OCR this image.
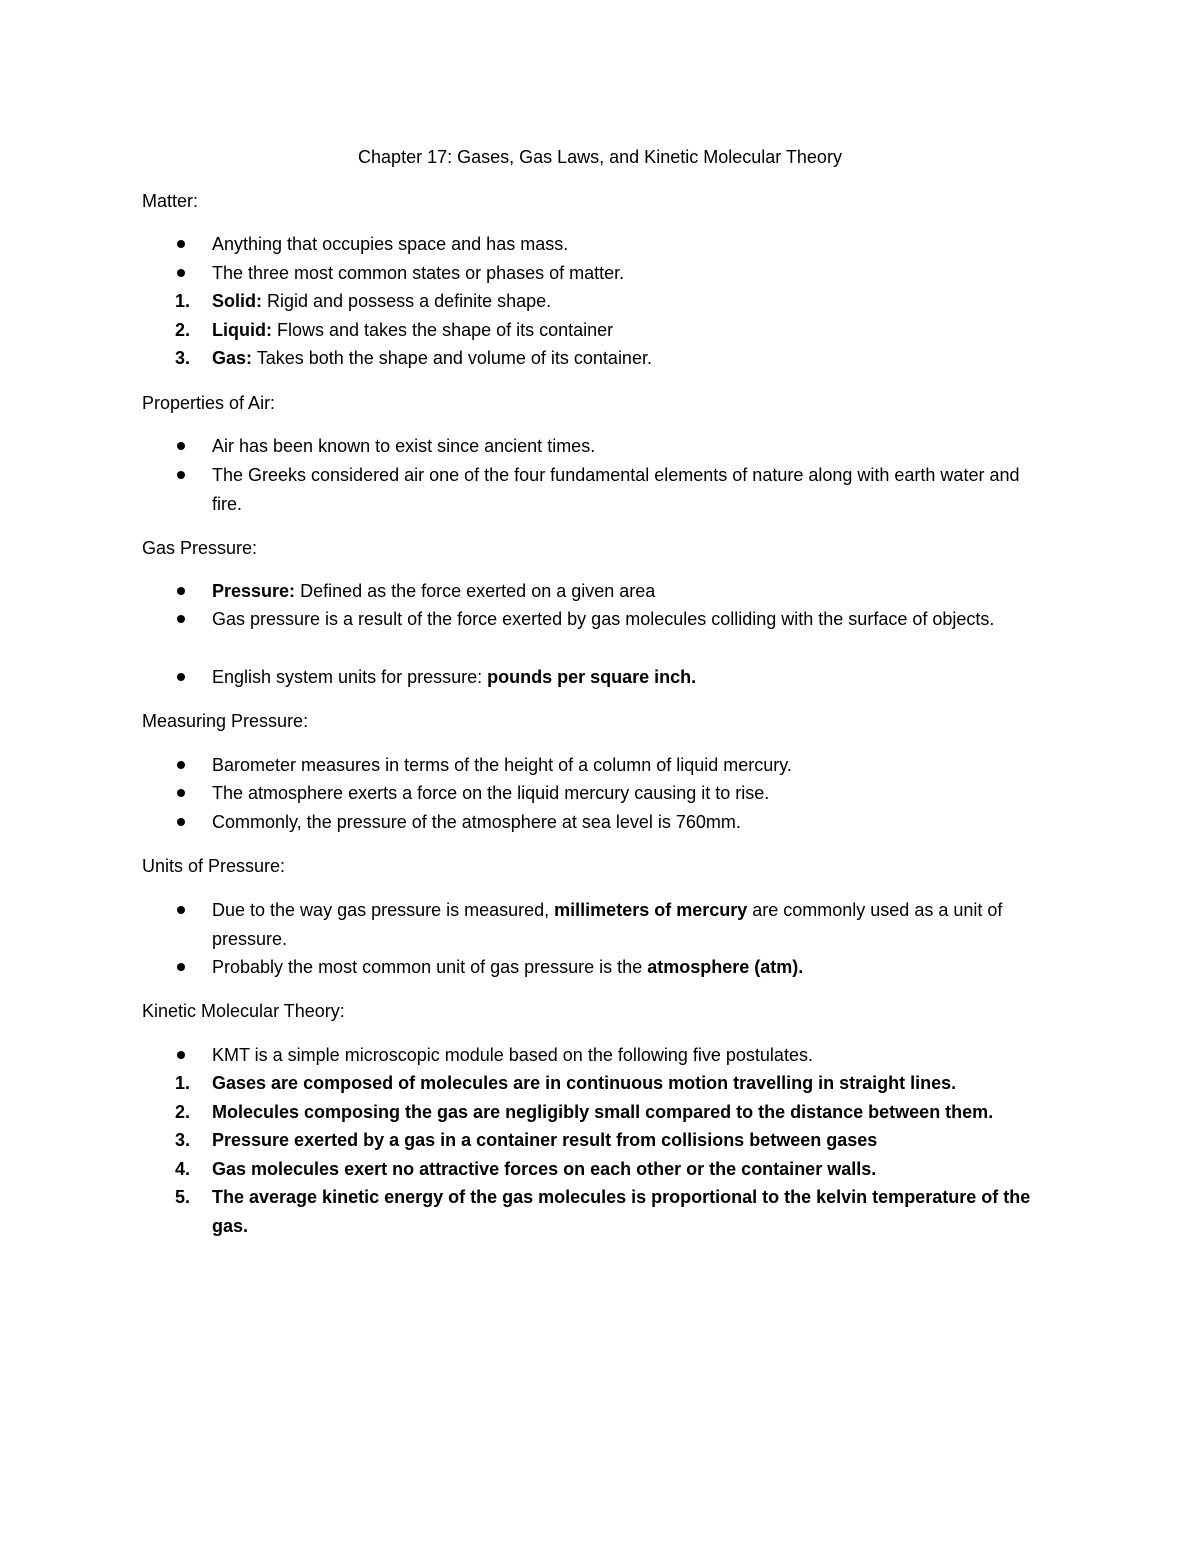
Chapter 17: Gases, Gas Laws, and Kinetic Molecular Theory
Matter:
Anything that occupies space and has mass.
The three most common states or phases of matter.
1. Solid: Rigid and possess a definite shape.
2. Liquid: Flows and takes the shape of its container
3. Gas: Takes both the shape and volume of its container.
Properties of Air:
Air has been known to exist since ancient times.
The Greeks considered air one of the four fundamental elements of nature along with earth water and fire.
Gas Pressure:
Pressure: Defined as the force exerted on a given area
Gas pressure is a result of the force exerted by gas molecules colliding with the surface of objects.
English system units for pressure: pounds per square inch.
Measuring Pressure:
Barometer measures in terms of the height of a column of liquid mercury.
The atmosphere exerts a force on the liquid mercury causing it to rise.
Commonly, the pressure of the atmosphere at sea level is 760mm.
Units of Pressure:
Due to the way gas pressure is measured, millimeters of mercury are commonly used as a unit of pressure.
Probably the most common unit of gas pressure is the atmosphere (atm).
Kinetic Molecular Theory:
KMT is a simple microscopic module based on the following five postulates.
1. Gases are composed of molecules are in continuous motion travelling in straight lines.
2. Molecules composing the gas are negligibly small compared to the distance between them.
3. Pressure exerted by a gas in a container result from collisions between gases
4. Gas molecules exert no attractive forces on each other or the container walls.
5. The average kinetic energy of the gas molecules is proportional to the kelvin temperature of the gas.
